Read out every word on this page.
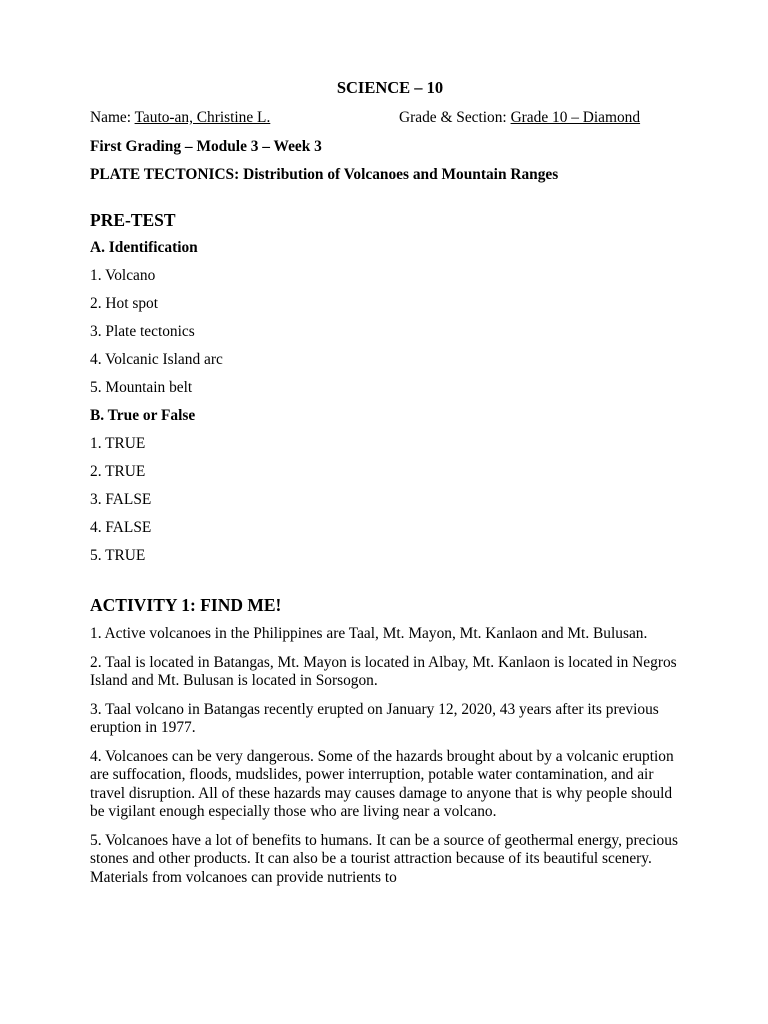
SCIENCE – 10
Name: Tauto-an, Christine L.	Grade & Section: Grade 10 – Diamond

First Grading – Module 3 – Week 3

PLATE TECTONICS: Distribution of Volcanoes and Mountain Ranges

PRE-TEST

A. Identification

1. Volcano

2. Hot spot

3. Plate tectonics

4. Volcanic Island arc

5. Mountain belt

B. True or False

1. TRUE

2. TRUE

3. FALSE

4. FALSE

5. TRUE

ACTIVITY 1: FIND ME!

1. Active volcanoes in the Philippines are Taal, Mt. Mayon, Mt. Kanlaon and Mt. Bulusan.

2. Taal is located in Batangas, Mt. Mayon is located in Albay, Mt. Kanlaon is located in Negros Island and Mt. Bulusan is located in Sorsogon.

3. Taal volcano in Batangas recently erupted on January 12, 2020, 43 years after its previous eruption in 1977.

4. Volcanoes can be very dangerous. Some of the hazards brought about by a volcanic eruption are suffocation, floods, mudslides, power interruption, potable water contamination, and air travel disruption. All of these hazards may causes damage to anyone that is why people should be vigilant enough especially those who are living near a volcano.

5. Volcanoes have a lot of benefits to humans. It can be a source of geothermal energy, precious stones and other products. It can also be a tourist attraction because of its beautiful scenery. Materials from volcanoes can provide nutrients to
